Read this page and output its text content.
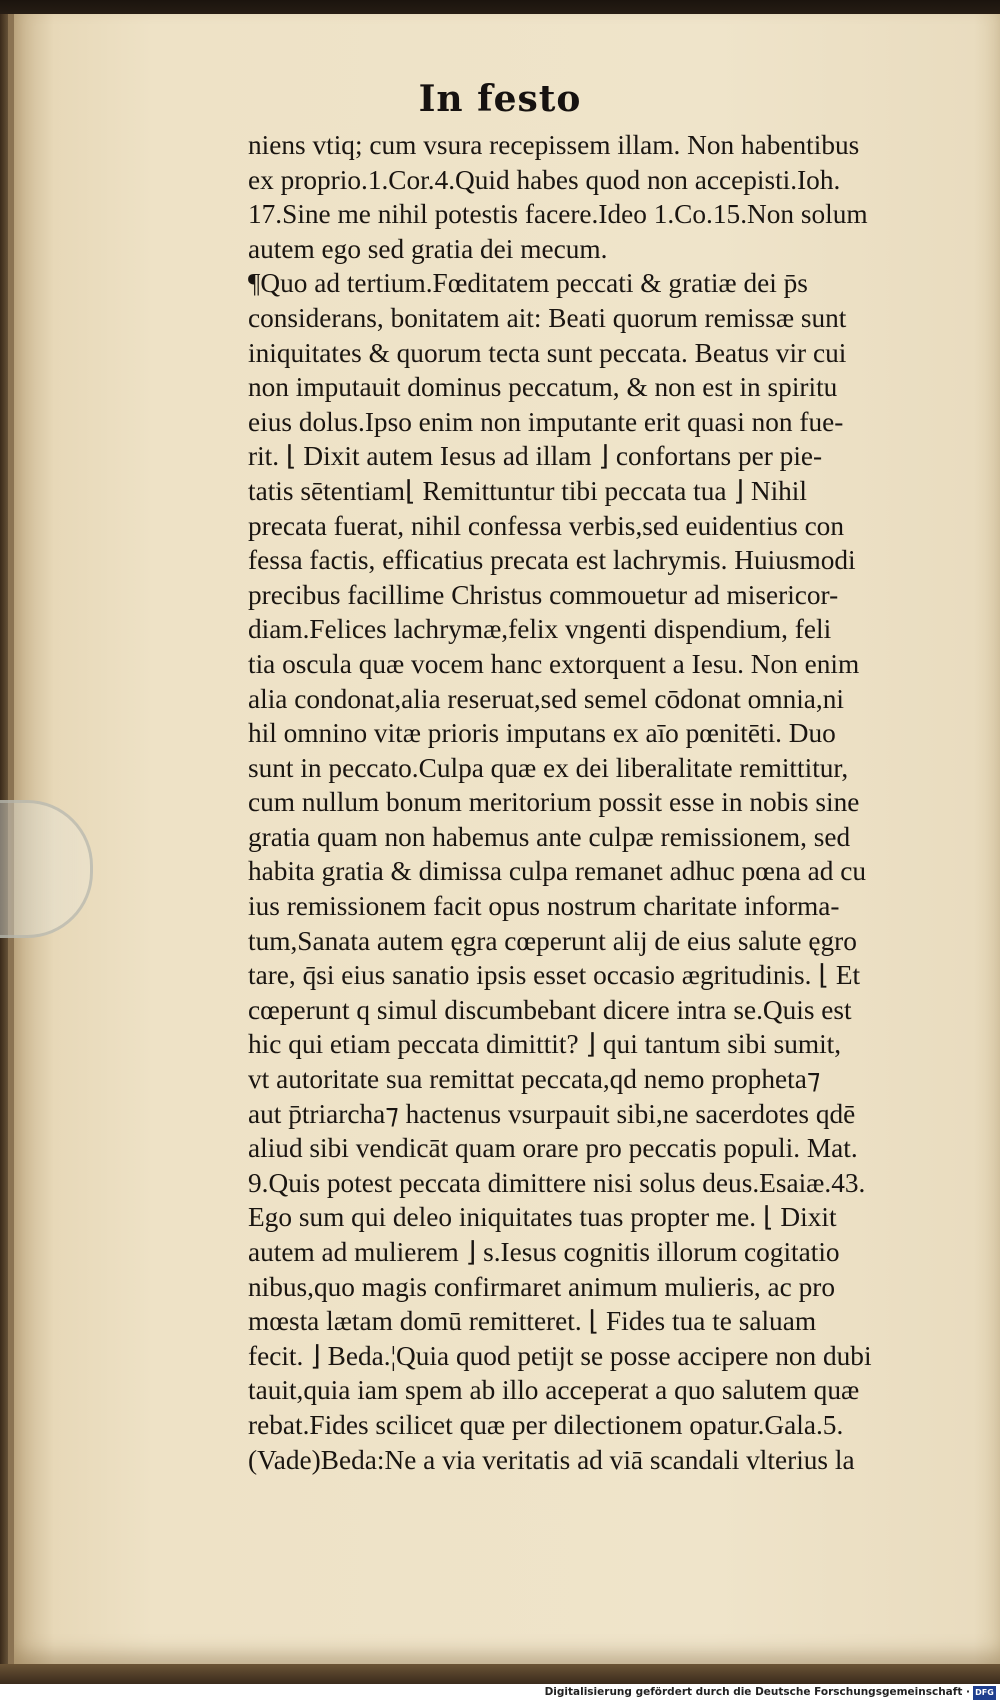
In festo
niens vtiq; cum vsura recepissem illam. Non habentibus
ex proprio.1.Cor.4.Quid habes quod non accepisti.Ioh.
17.Sine me nihil potestis facere.Ideo 1.Co.15.Non solum
autem ego sed gratia dei mecum.
¶Quo ad tertium.Fœditatem peccati & gratiæ dei p̄s
considerans, bonitatem ait: Beati quorum remissæ sunt
iniquitates & quorum tecta sunt peccata. Beatus vir cui
non imputauit dominus peccatum, & non est in spiritu
eius dolus.Ipso enim non imputante erit quasi non fue-
rit. ⌊ Dixit autem Iesus ad illam ⌋ confortans per pie-
tatis sētentiam⌊ Remittuntur tibi peccata tua ⌋ Nihil
precata fuerat, nihil confessa verbis,sed euidentius con
fessa factis, efficatius precata est lachrymis. Huiusmodi
precibus facillime Christus commouetur ad misericor-
diam.Felices lachrymæ,felix vngenti dispendium, feli
tia oscula quæ vocem hanc extorquent a Iesu. Non enim
alia condonat,alia reseruat,sed semel cōdonat omnia,ni
hil omnino vitæ prioris imputans ex aīo pœnitēti. Duo
sunt in peccato.Culpa quæ ex dei liberalitate remittitur,
cum nullum bonum meritorium possit esse in nobis sine
gratia quam non habemus ante culpæ remissionem, sed
habita gratia & dimissa culpa remanet adhuc pœna ad cu
ius remissionem facit opus nostrum charitate informa-
tum,Sanata autem ęgra cœperunt alij de eius salute ęgro
tare, q̄si eius sanatio ipsis esset occasio ægritudinis. ⌊ Et
cœperunt q simul discumbebant dicere intra se.Quis est
hic qui etiam peccata dimittit? ⌋ qui tantum sibi sumit,
vt autoritate sua remittat peccata,qd nemo propheta⁊
aut p̄triarcha⁊ hactenus vsurpauit sibi,ne sacerdotes qdē
aliud sibi vendicāt quam orare pro peccatis populi. Mat.
9.Quis potest peccata dimittere nisi solus deus.Esaiæ.43.
Ego sum qui deleo iniquitates tuas propter me. ⌊ Dixit
autem ad mulierem ⌋ s.Iesus cognitis illorum cogitatio
nibus,quo magis confirmaret animum mulieris, ac pro
mœsta lætam domū remitteret. ⌊ Fides tua te saluam
fecit. ⌋ Beda.¦Quia quod petijt se posse accipere non dubi
tauit,quia iam spem ab illo acceperat a quo salutem quæ
rebat.Fides scilicet quæ per dilectionem opatur.Gala.5.
(Vade)Beda:Ne a via veritatis ad viā scandali vlterius la
Digitalisierung gefördert durch die Deutsche Forschungsgemeinschaft · DFG
